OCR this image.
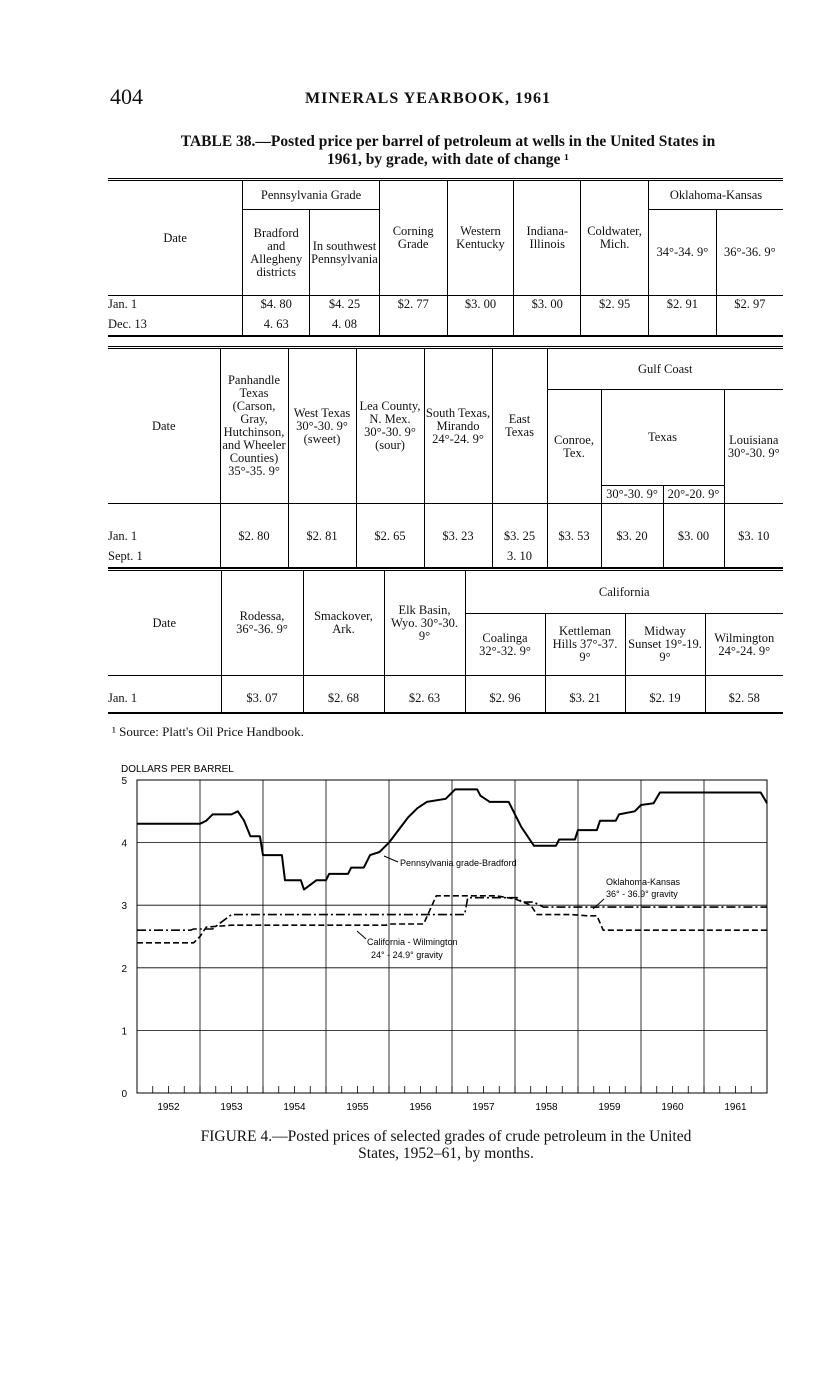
404	MINERALS YEARBOOK, 1961
TABLE 38.—Posted price per barrel of petroleum at wells in the United States in
1961, by grade, with date of change ¹
Date	Pennsylvania Grade		Corning Grade	Western Kentucky	Indiana-Illinois	Coldwater, Mich.	Oklahoma-Kansas	
	Bradford and Allegheny districts	In southwest Pennsylvania					34°-34. 9°	36°-36. 9°
Jan. 1	$4. 80	$4. 25	$2. 77	$3. 00	$3. 00	$2. 95	$2. 91	$2. 97
Dec. 13	4. 63	4. 08						
Date	Panhandle Texas (Carson, Gray, Hutchinson, and Wheeler Counties) 35°-35. 9°	West Texas 30°-30. 9° (sweet)	Lea County, N. Mex. 30°-30. 9° (sour)	South Texas, Mirando 24°-24. 9°	East Texas	Gulf Coast			
						Conroe, Tex.	Texas		Louisiana 30°-30. 9°
							30°-30. 9°	20°-20. 9°	
Jan. 1	$2. 80	$2. 81	$2. 65	$3. 23	$3. 25	$3. 53	$3. 20	$3. 00	$3. 10
Sept. 1					3. 10				
Date	Rodessa, 36°-36. 9°	Smackover, Ark.	Elk Basin, Wyo. 30°-30. 9°	California			
				Coalinga 32°-32. 9°	Kettleman Hills 37°-37. 9°	Midway Sunset 19°-19. 9°	Wilmington 24°-24. 9°
Jan. 1	$3. 07	$2. 68	$2. 63	$2. 96	$3. 21	$2. 19	$2. 58
¹ Source: Platt's Oil Price Handbook.
DOLLARS PER BARREL
0
1
2
3
4
5
1952	1953	1954	1955	1956	1957	1958	1959	1960	1961
Pennsylvania grade-Bradford
Oklahoma-Kansas
36° - 36.9° gravity
California - Wilmington
24° - 24.9° gravity
FIGURE 4.—Posted prices of selected grades of crude petroleum in the United
States, 1952–61, by months.
